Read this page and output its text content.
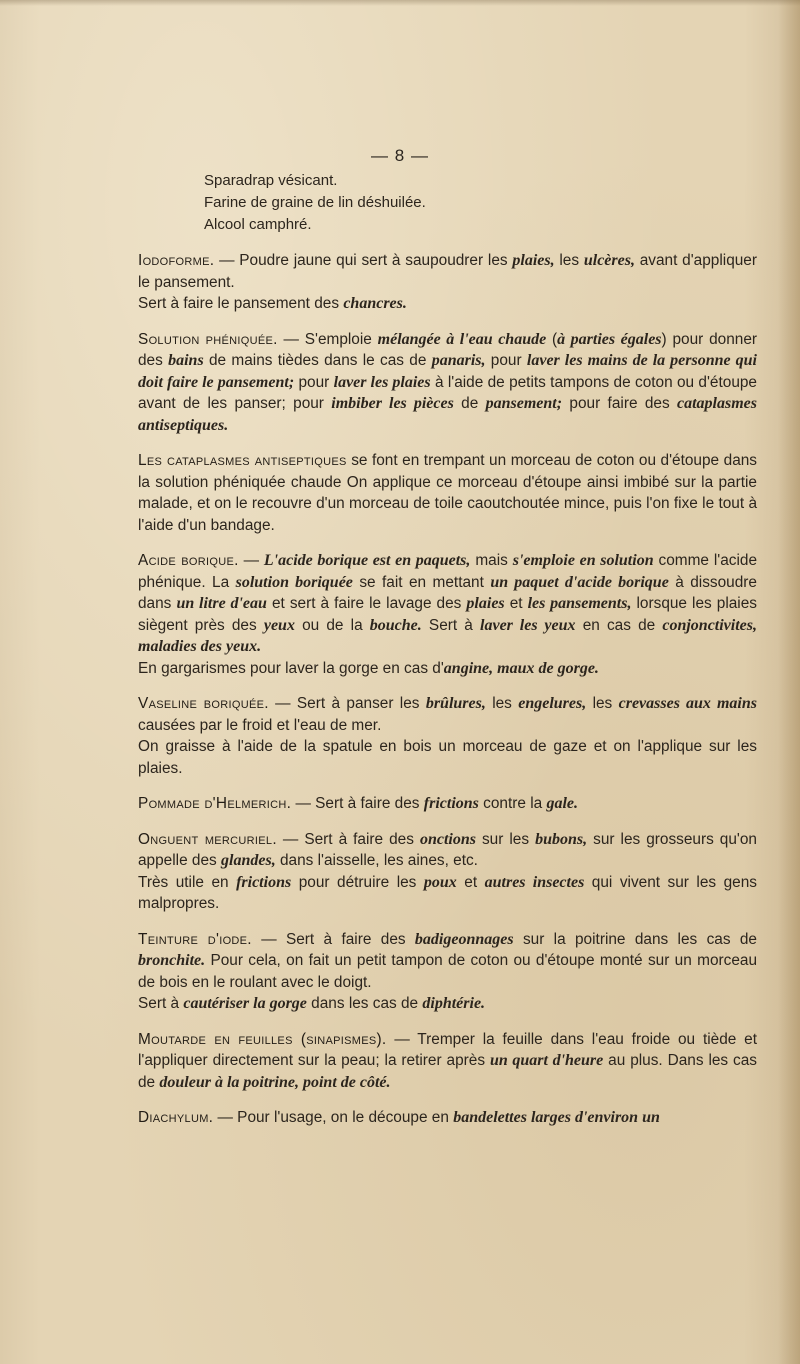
— 8 —

Sparadrap vésicant.

Farine de graine de lin déshuilée.

Alcool camphré.

Iodoforme. — Poudre jaune qui sert à saupoudrer les plaies, les ulcères, avant d'appliquer le pansement.

Sert à faire le pansement des chancres.

Solution phéniquée. — S'emploie mélangée à l'eau chaude (à parties égales) pour donner des bains de mains tièdes dans le cas de panaris, pour laver les mains de la personne qui doit faire le pansement; pour laver les plaies à l'aide de petits tampons de coton ou d'étoupe avant de les panser; pour imbiber les pièces de pansement; pour faire des cataplasmes antiseptiques.

Les cataplasmes antiseptiques se font en trempant un morceau de coton ou d'étoupe dans la solution phéniquée chaude On applique ce morceau d'étoupe ainsi imbibé sur la partie malade, et on le recouvre d'un morceau de toile caoutchoutée mince, puis l'on fixe le tout à l'aide d'un bandage.

Acide borique. — L'acide borique est en paquets, mais s'emploie en solution comme l'acide phénique. La solution boriquée se fait en mettant un paquet d'acide borique à dissoudre dans un litre d'eau et sert à faire le lavage des plaies et les pansements, lorsque les plaies siègent près des yeux ou de la bouche. Sert à laver les yeux en cas de conjonctivites, maladies des yeux.

En gargarismes pour laver la gorge en cas d'angine, maux de gorge.

Vaseline boriquée. — Sert à panser les brûlures, les engelures, les crevasses aux mains causées par le froid et l'eau de mer.

On graisse à l'aide de la spatule en bois un morceau de gaze et on l'applique sur les plaies.

Pommade d'Helmerich. — Sert à faire des frictions contre la gale.

Onguent mercuriel. — Sert à faire des onctions sur les bubons, sur les grosseurs qu'on appelle des glandes, dans l'aisselle, les aines, etc.

Très utile en frictions pour détruire les poux et autres insectes qui vivent sur les gens malpropres.

Teinture d'iode. — Sert à faire des badigeonnages sur la poitrine dans les cas de bronchite. Pour cela, on fait un petit tampon de coton ou d'étoupe monté sur un morceau de bois en le roulant avec le doigt.

Sert à cautériser la gorge dans les cas de diphtérie.

Moutarde en feuilles (sinapismes). — Tremper la feuille dans l'eau froide ou tiède et l'appliquer directement sur la peau; la retirer après un quart d'heure au plus. Dans les cas de douleur à la poitrine, point de côté.

Diachylum. — Pour l'usage, on le découpe en bandelettes larges d'environ un
